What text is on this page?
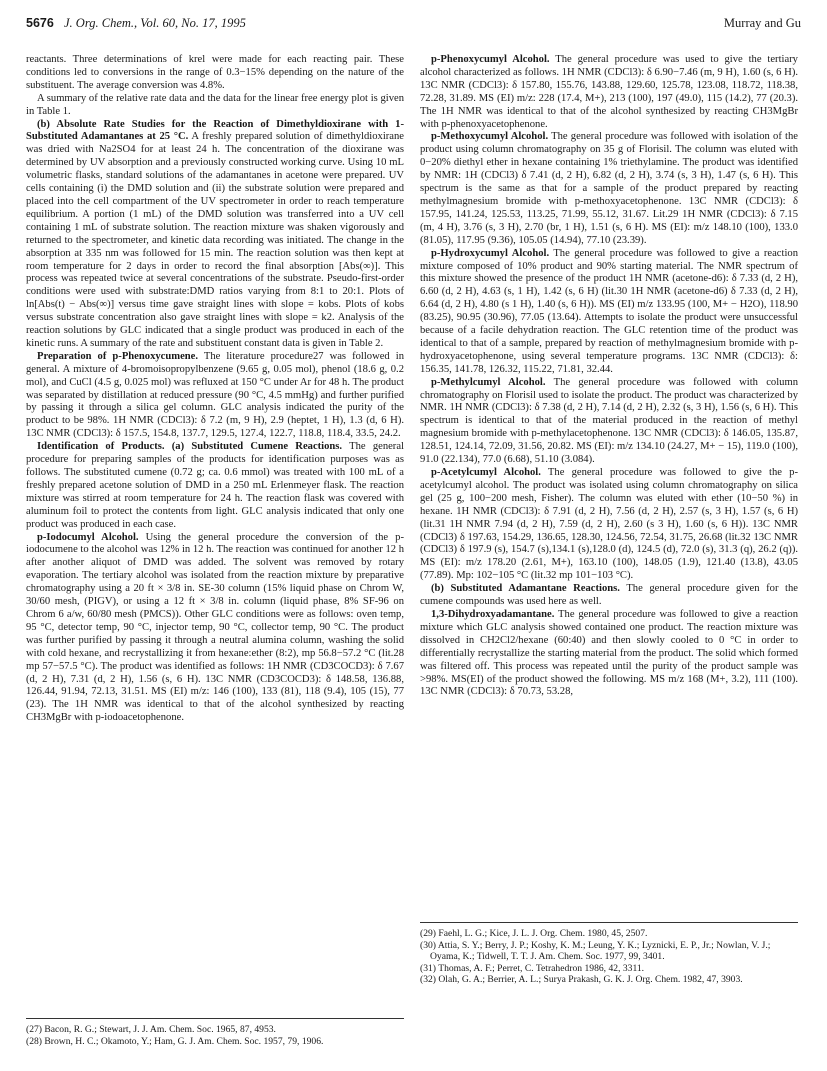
5676 J. Org. Chem., Vol. 60, No. 17, 1995	Murray and Gu

reactants. Three determinations of krel were made for each reacting pair. These conditions led to conversions in the range of 0.3−15% depending on the nature of the substituent. The average conversion was 4.8%.

A summary of the relative rate data and the data for the linear free energy plot is given in Table 1.

(b) Absolute Rate Studies for the Reaction of Dimethyldioxirane with 1-Substituted Adamantanes at 25 °C. A freshly prepared solution of dimethyldioxirane was dried with Na2SO4 for at least 24 h. The concentration of the dioxirane was determined by UV absorption and a previously constructed working curve. Using 10 mL volumetric flasks, standard solutions of the adamantanes in acetone were prepared. UV cells containing (i) the DMD solution and (ii) the substrate solution were prepared and placed into the cell compartment of the UV spectrometer in order to reach temperature equilibrium. A portion (1 mL) of the DMD solution was transferred into a UV cell containing 1 mL of substrate solution. The reaction mixture was shaken vigorously and returned to the spectrometer, and kinetic data recording was initiated. The change in the absorption at 335 nm was followed for 15 min. The reaction solution was then kept at room temperature for 2 days in order to record the final absorption [Abs(∞)]. This process was repeated twice at several concentrations of the substrate. Pseudo-first-order conditions were used with substrate:DMD ratios varying from 8:1 to 20:1. Plots of ln[Abs(t) − Abs(∞)] versus time gave straight lines with slope = kobs. Plots of kobs versus substrate concentration also gave straight lines with slope = k2. Analysis of the reaction solutions by GLC indicated that a single product was produced in each of the kinetic runs. A summary of the rate and substituent constant data is given in Table 2.

Preparation of p-Phenoxycumene. The literature procedure27 was followed in general. A mixture of 4-bromoisopropylbenzene (9.65 g, 0.05 mol), phenol (18.6 g, 0.2 mol), and CuCl (4.5 g, 0.025 mol) was refluxed at 150 °C under Ar for 48 h. The product was separated by distillation at reduced pressure (90 °C, 4.5 mmHg) and further purified by passing it through a silica gel column. GLC analysis indicated the purity of the product to be 98%. 1H NMR (CDCl3): δ 7.2 (m, 9 H), 2.9 (heptet, 1 H), 1.3 (d, 6 H). 13C NMR (CDCl3): δ 157.5, 154.8, 137.7, 129.5, 127.4, 122.7, 118.8, 118.4, 33.5, 24.2.

Identification of Products. (a) Substituted Cumene Reactions. The general procedure for preparing samples of the products for identification purposes was as follows. The substituted cumene (0.72 g; ca. 0.6 mmol) was treated with 100 mL of a freshly prepared acetone solution of DMD in a 250 mL Erlenmeyer flask. The reaction mixture was stirred at room temperature for 24 h. The reaction flask was covered with aluminum foil to protect the contents from light. GLC analysis indicated that only one product was produced in each case.

p-Iodocumyl Alcohol. Using the general procedure the conversion of the p-iodocumene to the alcohol was 12% in 12 h. The reaction was continued for another 12 h after another aliquot of DMD was added. The solvent was removed by rotary evaporation. The tertiary alcohol was isolated from the reaction mixture by preparative chromatography using a 20 ft × 3/8 in. SE-30 column (15% liquid phase on Chrom W, 30/60 mesh, (PIGV), or using a 12 ft × 3/8 in. column (liquid phase, 8% SF-96 on Chrom 6 a/w, 60/80 mesh (PMCS)). Other GLC conditions were as follows: oven temp, 95 °C, detector temp, 90 °C, injector temp, 90 °C, collector temp, 90 °C. The product was further purified by passing it through a neutral alumina column, washing the solid with cold hexane, and recrystallizing it from hexane:ether (8:2), mp 56.8−57.2 °C (lit.28 mp 57−57.5 °C). The product was identified as follows: 1H NMR (CD3COCD3): δ 7.67 (d, 2 H), 7.31 (d, 2 H), 1.56 (s, 6 H). 13C NMR (CD3COCD3): δ 148.58, 136.88, 126.44, 91.94, 72.13, 31.51. MS (EI) m/z: 146 (100), 133 (81), 118 (9.4), 105 (15), 77 (23). The 1H NMR was identical to that of the alcohol synthesized by reacting CH3MgBr with p-iodoacetophenone.

p-Phenoxycumyl Alcohol. The general procedure was used to give the tertiary alcohol characterized as follows. 1H NMR (CDCl3): δ 6.90−7.46 (m, 9 H), 1.60 (s, 6 H). 13C NMR (CDCl3): δ 157.80, 155.76, 143.88, 129.60, 125.78, 123.08, 118.72, 118.38, 72.28, 31.89. MS (EI) m/z: 228 (17.4, M+), 213 (100), 197 (49.0), 115 (14.2), 77 (20.3). The 1H NMR was identical to that of the alcohol synthesized by reacting CH3MgBr with p-phenoxyacetophenone.

p-Methoxycumyl Alcohol. The general procedure was followed with isolation of the product using column chromatography on 35 g of Florisil. The column was eluted with 0−20% diethyl ether in hexane containing 1% triethylamine. The product was identified by NMR: 1H (CDCl3) δ 7.41 (d, 2 H), 6.82 (d, 2 H), 3.74 (s, 3 H), 1.47 (s, 6 H). This spectrum is the same as that for a sample of the product prepared by reacting methylmagnesium bromide with p-methoxyacetophenone. 13C NMR (CDCl3): δ 157.95, 141.24, 125.53, 113.25, 71.99, 55.12, 31.67. Lit.29 1H NMR (CDCl3): δ 7.15 (m, 4 H), 3.76 (s, 3 H), 2.70 (br, 1 H), 1.51 (s, 6 H). MS (EI): m/z 148.10 (100), 133.0 (81.05), 117.95 (9.36), 105.05 (14.94), 77.10 (23.39).

p-Hydroxycumyl Alcohol. The general procedure was followed to give a reaction mixture composed of 10% product and 90% starting material. The NMR spectrum of this mixture showed the presence of the product 1H NMR (acetone-d6): δ 7.33 (d, 2 H), 6.60 (d, 2 H), 4.63 (s, 1 H), 1.42 (s, 6 H) (lit.30 1H NMR (acetone-d6) δ 7.33 (d, 2 H), 6.64 (d, 2 H), 4.80 (s 1 H), 1.40 (s, 6 H)). MS (EI) m/z 133.95 (100, M+ − H2O), 118.90 (83.25), 90.95 (30.96), 77.05 (13.64). Attempts to isolate the product were unsuccessful because of a facile dehydration reaction. The GLC retention time of the product was identical to that of a sample, prepared by reaction of methylmagnesium bromide with p-hydroxyacetophenone, using several temperature programs. 13C NMR (CDCl3): δ: 156.35, 141.78, 126.32, 115.22, 71.81, 32.44.

p-Methylcumyl Alcohol. The general procedure was followed with column chromatography on Florisil used to isolate the product. The product was characterized by NMR. 1H NMR (CDCl3): δ 7.38 (d, 2 H), 7.14 (d, 2 H), 2.32 (s, 3 H), 1.56 (s, 6 H). This spectrum is identical to that of the material produced in the reaction of methyl magnesium bromide with p-methylacetophenone. 13C NMR (CDCl3): δ 146.05, 135.87, 128.51, 124.14, 72.09, 31.56, 20.82. MS (EI): m/z 134.10 (24.27, M+ − 15), 119.0 (100), 91.0 (22.134), 77.0 (6.68), 51.10 (3.084).

p-Acetylcumyl Alcohol. The general procedure was followed to give the p-acetylcumyl alcohol. The product was isolated using column chromatography on silica gel (25 g, 100−200 mesh, Fisher). The column was eluted with ether (10−50 %) in hexane. 1H NMR (CDCl3): δ 7.91 (d, 2 H), 7.56 (d, 2 H), 2.57 (s, 3 H), 1.57 (s, 6 H) (lit.31 1H NMR 7.94 (d, 2 H), 7.59 (d, 2 H), 2.60 (s 3 H), 1.60 (s, 6 H)). 13C NMR (CDCl3) δ 197.63, 154.29, 136.65, 128.30, 124.56, 72.54, 31.75, 26.68 (lit.32 13C NMR (CDCl3) δ 197.9 (s), 154.7 (s),134.1 (s),128.0 (d), 124.5 (d), 72.0 (s), 31.3 (q), 26.2 (q)). MS (EI): m/z 178.20 (2.61, M+), 163.10 (100), 148.05 (1.9), 121.40 (13.8), 43.05 (77.89). Mp: 102−105 °C (lit.32 mp 101−103 °C).

(b) Substituted Adamantane Reactions. The general procedure given for the cumene compounds was used here as well.

1,3-Dihydroxyadamantane. The general procedure was followed to give a reaction mixture which GLC analysis showed contained one product. The reaction mixture was dissolved in CH2Cl2/hexane (60:40) and then slowly cooled to 0 °C in order to differentially recrystallize the starting material from the product. The solid which formed was filtered off. This process was repeated until the purity of the product sample was >98%. MS(EI) of the product showed the following. MS m/z 168 (M+, 3.2), 111 (100). 13C NMR (CDCl3): δ 70.73, 53.28,

(27) Bacon, R. G.; Stewart, J. J. Am. Chem. Soc. 1965, 87, 4953.

(28) Brown, H. C.; Okamoto, Y.; Ham, G. J. Am. Chem. Soc. 1957, 79, 1906.

(29) Faehl, L. G.; Kice, J. L. J. Org. Chem. 1980, 45, 2507.

(30) Attia, S. Y.; Berry, J. P.; Koshy, K. M.; Leung, Y. K.; Lyznicki, E. P., Jr.; Nowlan, V. J.; Oyama, K.; Tidwell, T. T. J. Am. Chem. Soc. 1977, 99, 3401.

(31) Thomas, A. F.; Perret, C. Tetrahedron 1986, 42, 3311.

(32) Olah, G. A.; Berrier, A. L.; Surya Prakash, G. K. J. Org. Chem. 1982, 47, 3903.
